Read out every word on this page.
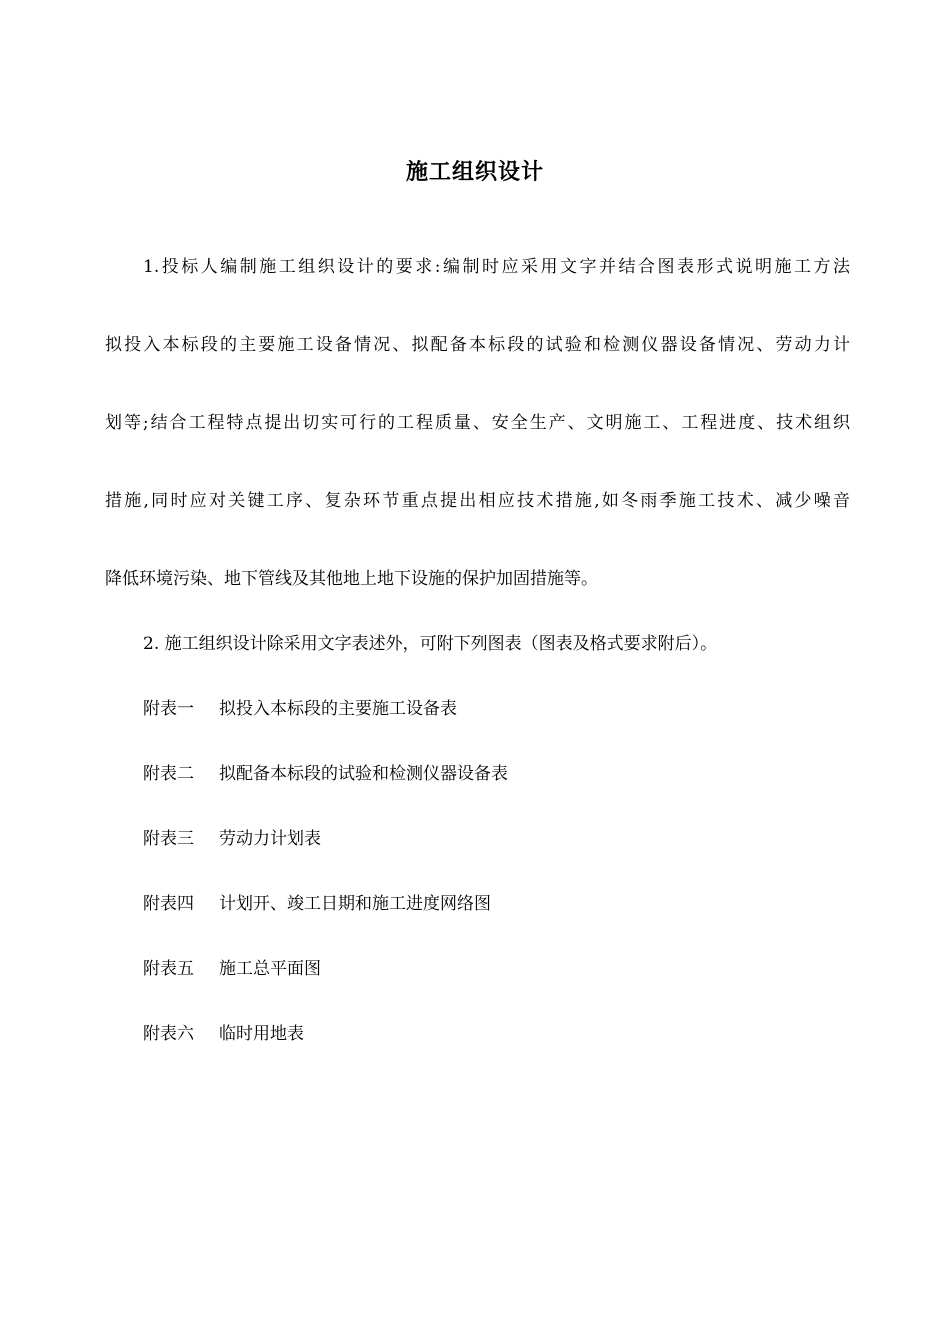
施工组织设计
1.投标人编制施工组织设计的要求:编制时应采用文字并结合图表形式说明施工方法
拟投入本标段的主要施工设备情况、拟配备本标段的试验和检测仪器设备情况、劳动力计
划等;结合工程特点提出切实可行的工程质量、安全生产、文明施工、工程进度、技术组织
措施,同时应对关键工序、复杂环节重点提出相应技术措施,如冬雨季施工技术、减少噪音
降低环境污染、地下管线及其他地上地下设施的保护加固措施等。
2. 施工组织设计除采用文字表述外，可附下列图表（图表及格式要求附后）。
附表一 拟投入本标段的主要施工设备表
附表二 拟配备本标段的试验和检测仪器设备表
附表三 劳动力计划表
附表四 计划开、竣工日期和施工进度网络图
附表五 施工总平面图
附表六 临时用地表
